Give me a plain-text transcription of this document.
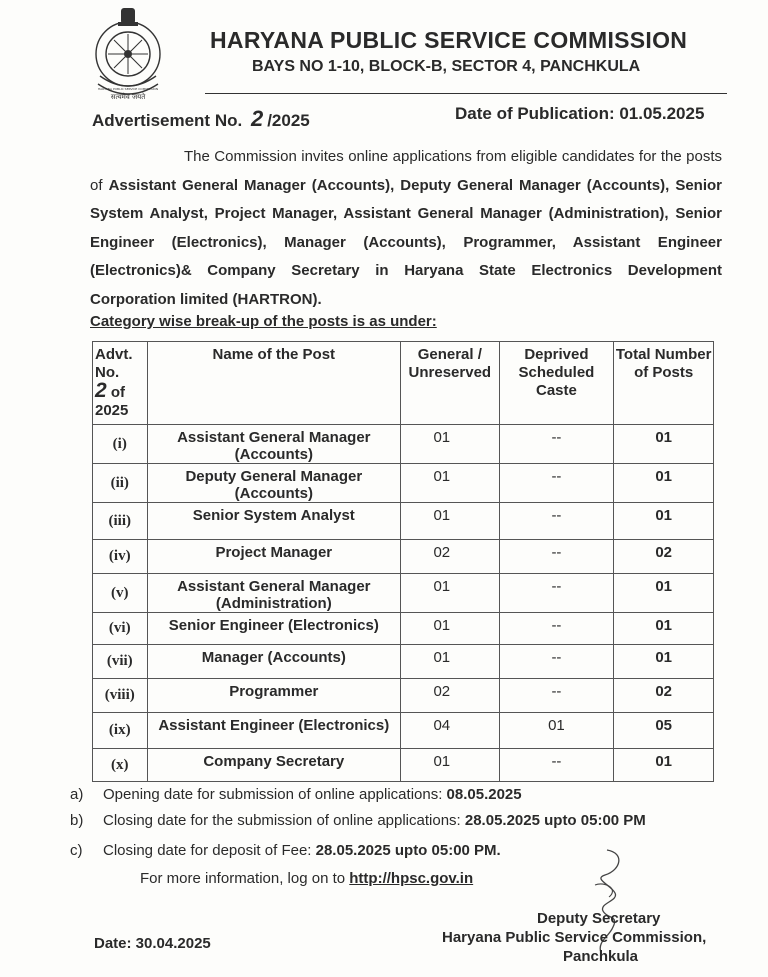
सत्यमेव जयते
HARYANA PUBLIC SERVICE COMMISSION
HARYANA PUBLIC SERVICE COMMISSION
BAYS NO 1-10, BLOCK-B, SECTOR 4, PANCHKULA
Advertisement No. 2 /2025	Date of Publication: 01.05.2025

The Commission invites online applications from eligible candidates for the posts of Assistant General Manager (Accounts), Deputy General Manager (Accounts), Senior System Analyst, Project Manager, Assistant General Manager (Administration), Senior Engineer (Electronics), Manager (Accounts), Programmer, Assistant Engineer (Electronics)& Company Secretary in Haryana State Electronics Development Corporation limited (HARTRON).

Category wise break-up of the posts is as under:
Advt.
No.
2 of
2025	Name of the Post	General / Unreserved	Deprived Scheduled Caste	Total Number of Posts
(i)	Assistant General Manager (Accounts)	01	--	01
(ii)	Deputy General Manager (Accounts)	01	--	01
(iii)	Senior System Analyst	01	--	01
(iv)	Project Manager	02	--	02
(v)	Assistant General Manager (Administration)	01	--	01
(vi)	Senior Engineer (Electronics)	01	--	01
(vii)	Manager (Accounts)	01	--	01
(viii)	Programmer	02	--	02
(ix)	Assistant Engineer (Electronics)	04	01	05
(x)	Company Secretary	01	--	01
a) Opening date for submission of online applications: 08.05.2025
b) Closing date for the submission of online applications: 28.05.2025 upto 05:00 PM
c) Closing date for deposit of Fee: 28.05.2025 upto 05:00 PM.
For more information, log on to http://hpsc.gov.in
Date: 30.04.2025
Deputy Secretary
Haryana Public Service Commission,
Panchkula
